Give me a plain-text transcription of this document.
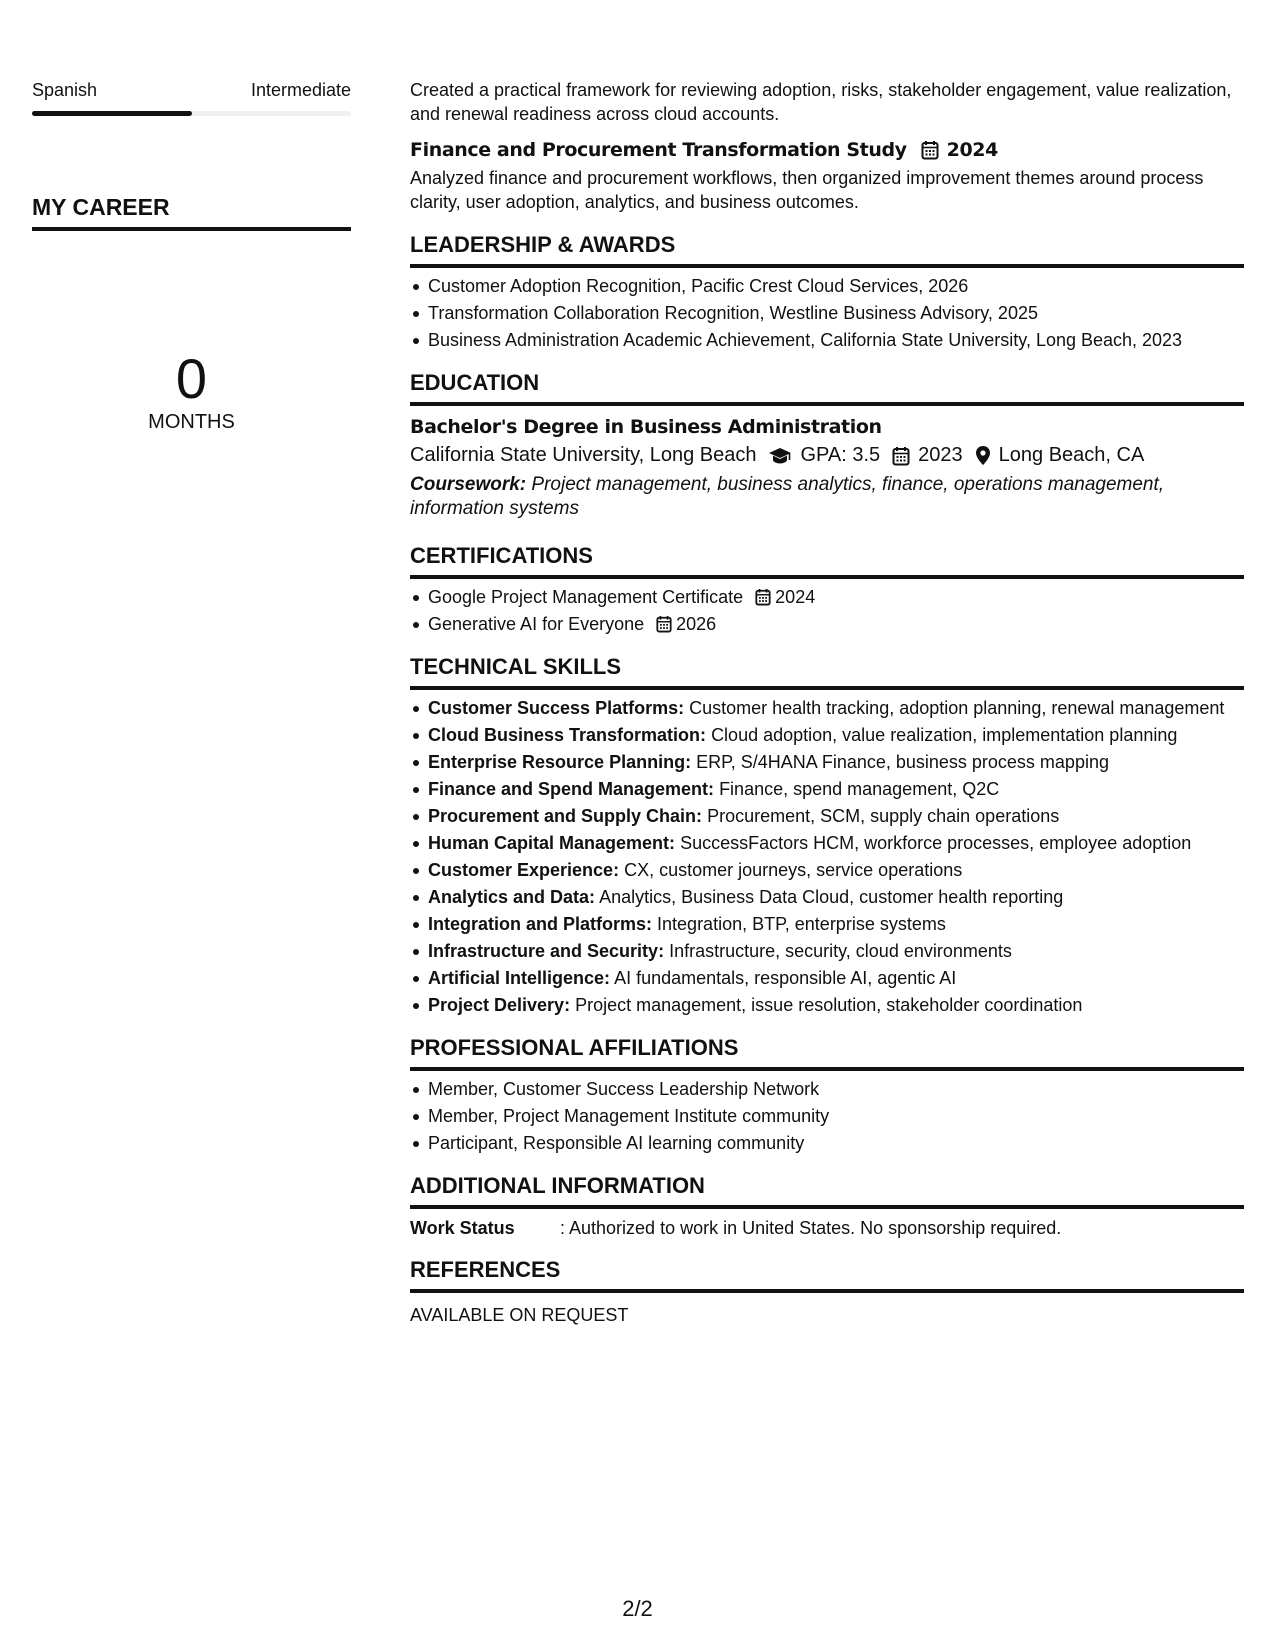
Spanish	Intermediate
MY CAREER
0
MONTHS
Created a practical framework for reviewing adoption, risks, stakeholder engagement, value realization, and renewal readiness across cloud accounts.
Finance and Procurement Transformation Study 2024
Analyzed finance and procurement workflows, then organized improvement themes around process clarity, user adoption, analytics, and business outcomes.
LEADERSHIP & AWARDS
Customer Adoption Recognition, Pacific Crest Cloud Services, 2026
Transformation Collaboration Recognition, Westline Business Advisory, 2025
Business Administration Academic Achievement, California State University, Long Beach, 2023
EDUCATION
Bachelor's Degree in Business Administration
California State University, Long Beach GPA: 3.5 2023 Long Beach, CA
Coursework: Project management, business analytics, finance, operations management, information systems
CERTIFICATIONS
Google Project Management Certificate 2024
Generative AI for Everyone 2026
TECHNICAL SKILLS
Customer Success Platforms: Customer health tracking, adoption planning, renewal management
Cloud Business Transformation: Cloud adoption, value realization, implementation planning
Enterprise Resource Planning: ERP, S/4HANA Finance, business process mapping
Finance and Spend Management: Finance, spend management, Q2C
Procurement and Supply Chain: Procurement, SCM, supply chain operations
Human Capital Management: SuccessFactors HCM, workforce processes, employee adoption
Customer Experience: CX, customer journeys, service operations
Analytics and Data: Analytics, Business Data Cloud, customer health reporting
Integration and Platforms: Integration, BTP, enterprise systems
Infrastructure and Security: Infrastructure, security, cloud environments
Artificial Intelligence: AI fundamentals, responsible AI, agentic AI
Project Delivery: Project management, issue resolution, stakeholder coordination
PROFESSIONAL AFFILIATIONS
Member, Customer Success Leadership Network
Member, Project Management Institute community
Participant, Responsible AI learning community
ADDITIONAL INFORMATION
Work Status	: Authorized to work in United States. No sponsorship required.
REFERENCES
AVAILABLE ON REQUEST
2/2
